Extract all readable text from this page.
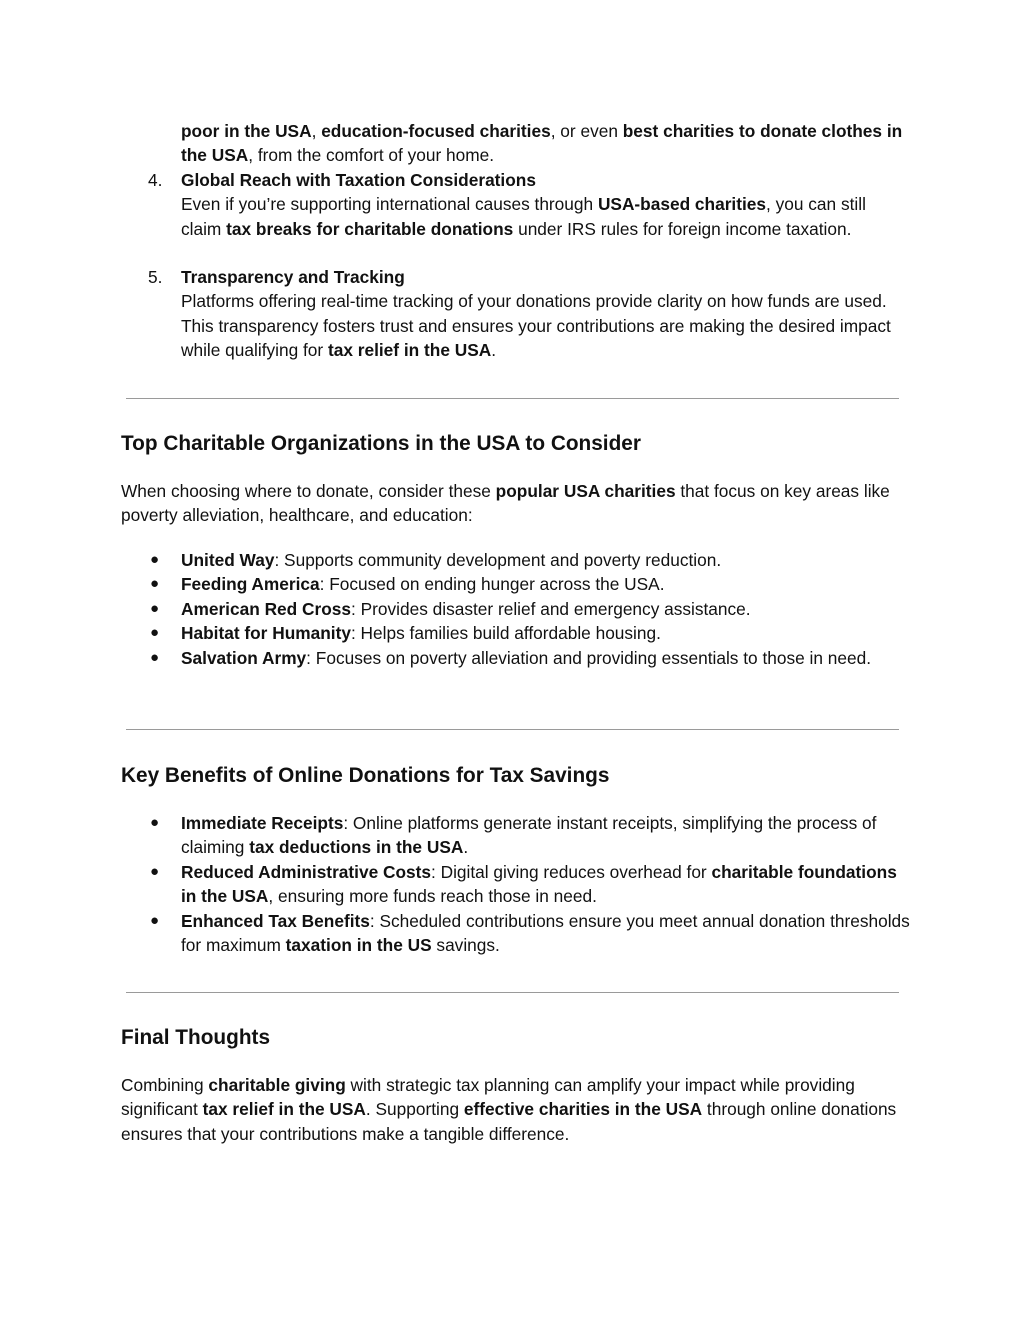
poor in the USA, education-focused charities, or even best charities to donate clothes in the USA, from the comfort of your home.
4.	Global Reach with Taxation Considerations
Even if you’re supporting international causes through USA-based charities, you can still claim tax breaks for charitable donations under IRS rules for foreign income taxation.
5.	Transparency and Tracking
Platforms offering real-time tracking of your donations provide clarity on how funds are used. This transparency fosters trust and ensures your contributions are making the desired impact while qualifying for tax relief in the USA.
Top Charitable Organizations in the USA to Consider
When choosing where to donate, consider these popular USA charities that focus on key areas like poverty alleviation, healthcare, and education:
● United Way: Supports community development and poverty reduction.
● Feeding America: Focused on ending hunger across the USA.
● American Red Cross: Provides disaster relief and emergency assistance.
● Habitat for Humanity: Helps families build affordable housing.
● Salvation Army: Focuses on poverty alleviation and providing essentials to those in need.
Key Benefits of Online Donations for Tax Savings
● Immediate Receipts: Online platforms generate instant receipts, simplifying the process of claiming tax deductions in the USA.
● Reduced Administrative Costs: Digital giving reduces overhead for charitable foundations in the USA, ensuring more funds reach those in need.
● Enhanced Tax Benefits: Scheduled contributions ensure you meet annual donation thresholds for maximum taxation in the US savings.
Final Thoughts
Combining charitable giving with strategic tax planning can amplify your impact while providing significant tax relief in the USA. Supporting effective charities in the USA through online donations ensures that your contributions make a tangible difference.
